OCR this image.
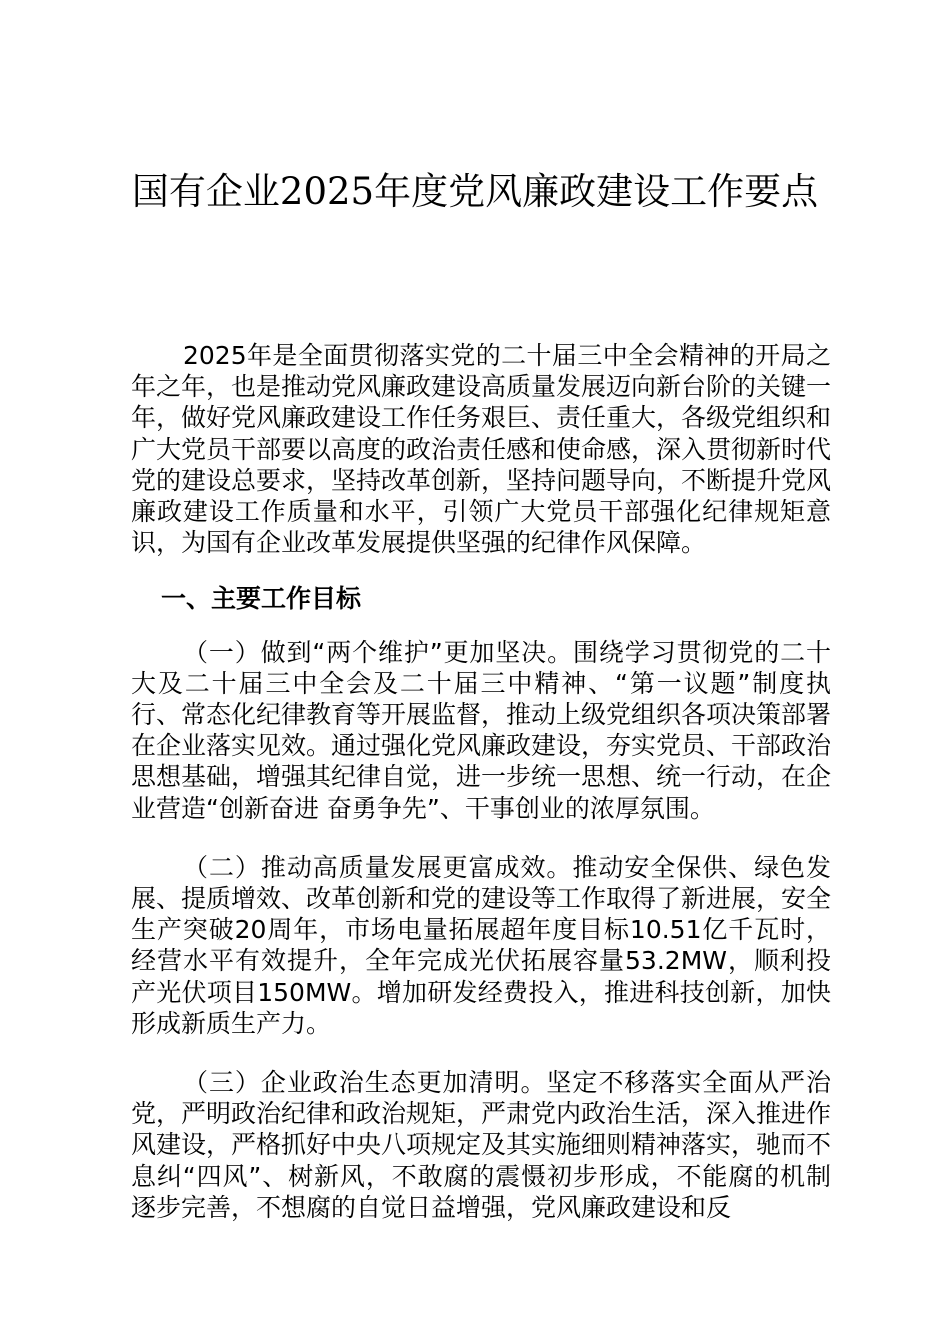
国有企业2025年度党风廉政建设工作要点

2025年是全面贯彻落实党的二十届三中全会精神的开局之年之年，也是推动党风廉政建设高质量发展迈向新台阶的关键一年，做好党风廉政建设工作任务艰巨、责任重大，各级党组织和广大党员干部要以高度的政治责任感和使命感，深入贯彻新时代党的建设总要求，坚持改革创新，坚持问题导向，不断提升党风廉政建设工作质量和水平，引领广大党员干部强化纪律规矩意识，为国有企业改革发展提供坚强的纪律作风保障。

一、主要工作目标

（一）做到“两个维护”更加坚决。围绕学习贯彻党的二十大及二十届三中全会及二十届三中精神、“第一议题”制度执行、常态化纪律教育等开展监督，推动上级党组织各项决策部署在企业落实见效。通过强化党风廉政建设，夯实党员、干部政治思想基础，增强其纪律自觉，进一步统一思想、统一行动，在企业营造“创新奋进 奋勇争先”、干事创业的浓厚氛围。

（二）推动高质量发展更富成效。推动安全保供、绿色发展、提质增效、改革创新和党的建设等工作取得了新进展，安全生产突破20周年，市场电量拓展超年度目标10.51亿千瓦时，经营水平有效提升，全年完成光伏拓展容量53.2MW，顺利投产光伏项目150MW。增加研发经费投入，推进科技创新，加快形成新质生产力。

（三）企业政治生态更加清明。坚定不移落实全面从严治党，严明政治纪律和政治规矩，严肃党内政治生活，深入推进作风建设，严格抓好中央八项规定及其实施细则精神落实，驰而不息纠“四风”、树新风，不敢腐的震慑初步形成，不能腐的机制逐步完善，不想腐的自觉日益增强，党风廉政建设和反
